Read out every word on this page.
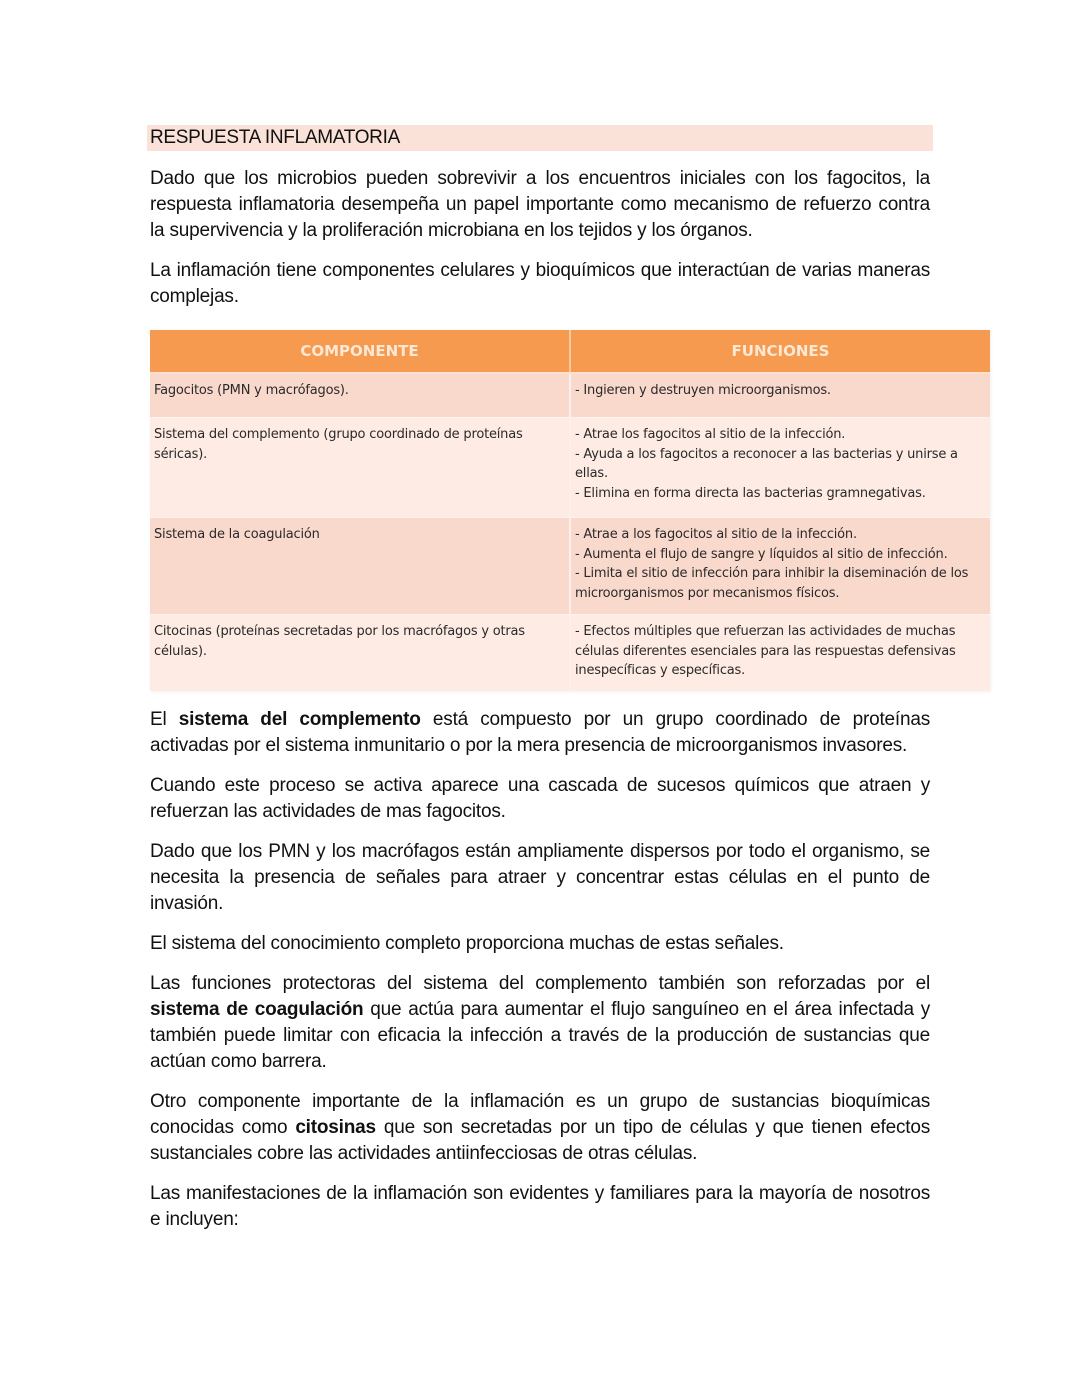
RESPUESTA INFLAMATORIA

Dado que los microbios pueden sobrevivir a los encuentros iniciales con los fagocitos, la respuesta inflamatoria desempeña un papel importante como mecanismo de refuerzo contra la supervivencia y la proliferación microbiana en los tejidos y los órganos.

La inflamación tiene componentes celulares y bioquímicos que interactúan de varias maneras complejas.

COMPONENTE	FUNCIONES
Fagocitos (PMN y macrófagos).	- Ingieren y destruyen microorganismos.

Sistema del complemento (grupo coordinado de proteínas séricas).	- Atrae los fagocitos al sitio de la infección.
- Ayuda a los fagocitos a reconocer a las bacterias y unirse a ellas.
- Elimina en forma directa las bacterias gramnegativas.

Sistema de la coagulación	- Atrae a los fagocitos al sitio de la infección.
- Aumenta el flujo de sangre y líquidos al sitio de infección.
- Limita el sitio de infección para inhibir la diseminación de los microorganismos por mecanismos físicos.

Citocinas (proteínas secretadas por los macrófagos y otras células).	- Efectos múltiples que refuerzan las actividades de muchas células diferentes esenciales para las respuestas defensivas inespecíficas y específicas.

El sistema del complemento está compuesto por un grupo coordinado de proteínas activadas por el sistema inmunitario o por la mera presencia de microorganismos invasores.

Cuando este proceso se activa aparece una cascada de sucesos químicos que atraen y refuerzan las actividades de mas fagocitos.

Dado que los PMN y los macrófagos están ampliamente dispersos por todo el organismo, se necesita la presencia de señales para atraer y concentrar estas células en el punto de invasión.

El sistema del conocimiento completo proporciona muchas de estas señales.

Las funciones protectoras del sistema del complemento también son reforzadas por el sistema de coagulación que actúa para aumentar el flujo sanguíneo en el área infectada y también puede limitar con eficacia la infección a través de la producción de sustancias que actúan como barrera.

Otro componente importante de la inflamación es un grupo de sustancias bioquímicas conocidas como citosinas que son secretadas por un tipo de células y que tienen efectos sustanciales cobre las actividades antiinfecciosas de otras células.

Las manifestaciones de la inflamación son evidentes y familiares para la mayoría de nosotros e incluyen:
